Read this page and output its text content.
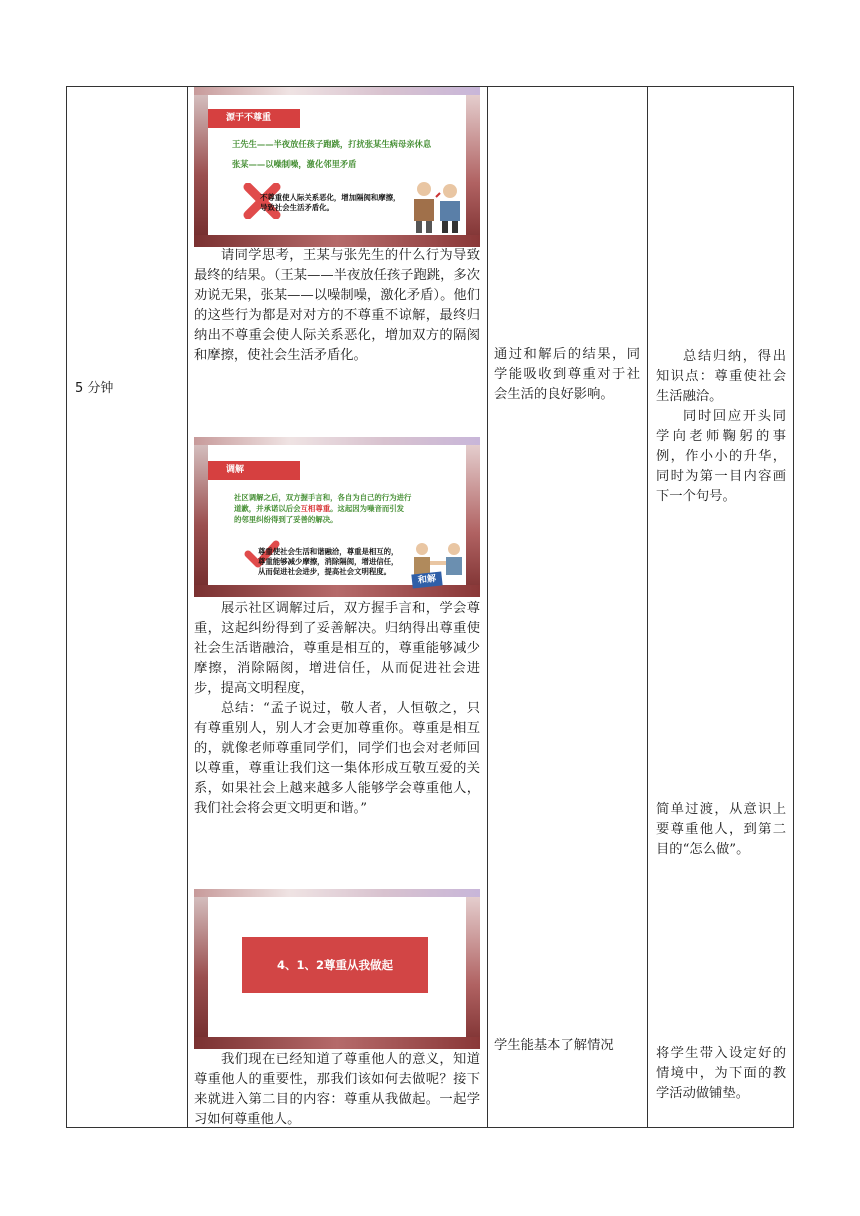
5 分钟
源于不尊重
王先生——半夜放任孩子跑跳，打扰张某生病母亲休息
张某——以噪制噪，激化邻里矛盾
不尊重使人际关系恶化，增加隔阂和摩擦，
导致社会生活矛盾化。
请同学思考，王某与张先生的什么行为导致最终的结果。（王某——半夜放任孩子跑跳，多次劝说无果，张某——以噪制噪，激化矛盾）。他们的这些行为都是对对方的不尊重不谅解，最终归纳出不尊重会使人际关系恶化，增加双方的隔阂和摩擦，使社会生活矛盾化。
调解
社区调解之后，双方握手言和，各自为自己的行为进行
道歉，并承诺以后会互相尊重。这起因为噪音而引发
的邻里纠纷得到了妥善的解决。
尊重使社会生活和谐融洽，尊重是相互的，
尊重能够减少摩擦，消除隔阂，增进信任，
从而促进社会进步，提高社会文明程度。
和解
展示社区调解过后，双方握手言和，学会尊重，这起纠纷得到了妥善解决。归纳得出尊重使社会生活谐融洽，尊重是相互的，尊重能够减少摩擦，消除隔阂，增进信任，从而促进社会进步，提高文明程度，
总结：“孟子说过，敬人者，人恒敬之，只有尊重别人，别人才会更加尊重你。尊重是相互的，就像老师尊重同学们，同学们也会对老师回以尊重，尊重让我们这一集体形成互敬互爱的关系，如果社会上越来越多人能够学会尊重他人，我们社会将会更文明更和谐。”
4、1、2尊重从我做起
我们现在已经知道了尊重他人的意义，知道尊重他人的重要性，那我们该如何去做呢？接下来就进入第二目的内容：尊重从我做起。一起学习如何尊重他人。
通过和解后的结果，同学能吸收到尊重对于社会生活的良好影响。
学生能基本了解情况
总结归纳，得出知识点：尊重使社会生活融洽。
同时回应开头同学向老师鞠躬的事例，作小小的升华，同时为第一目内容画下一个句号。
简单过渡，从意识上要尊重他人，到第二目的“怎么做”。
将学生带入设定好的情境中，为下面的教学活动做铺垫。
